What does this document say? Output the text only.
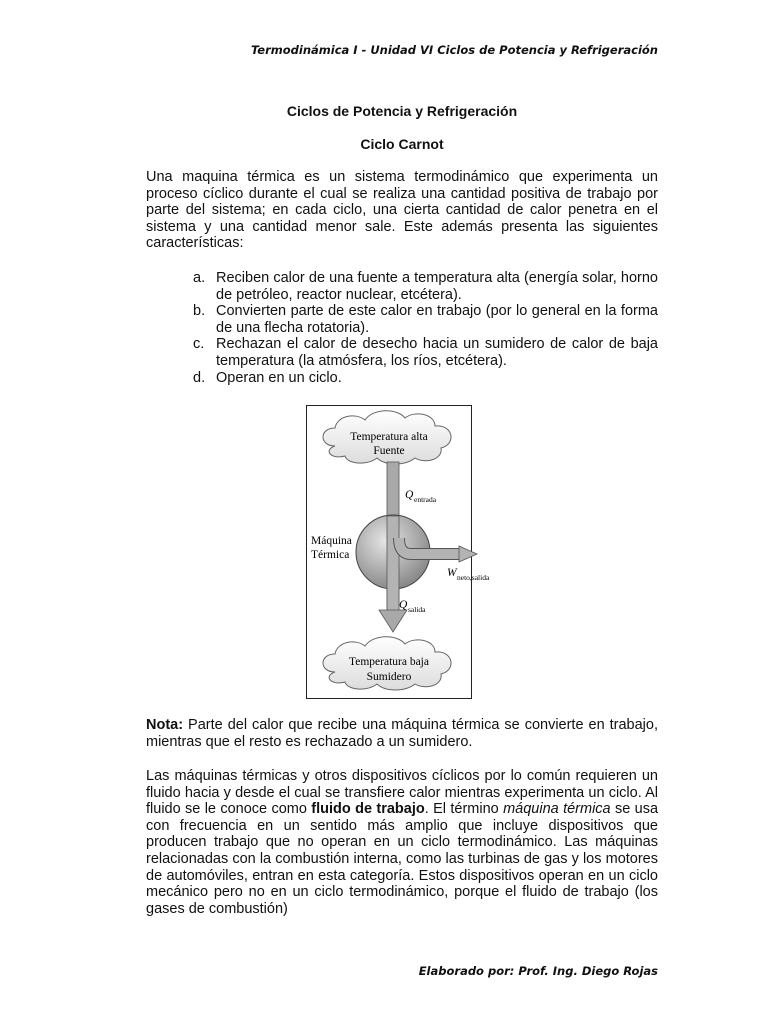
Termodinámica I - Unidad VI Ciclos de Potencia y Refrigeración
Ciclos de Potencia y Refrigeración
Ciclo Carnot

Una maquina térmica es un sistema termodinámico que experimenta un proceso cíclico durante el cual se realiza una cantidad positiva de trabajo por parte del sistema; en cada ciclo, una cierta cantidad de calor penetra en el sistema y una cantidad menor sale. Este además presenta las siguientes características:

a. Reciben calor de una fuente a temperatura alta (energía solar, horno de petróleo, reactor nuclear, etcétera).
b. Convierten parte de este calor en trabajo (por lo general en la forma de una flecha rotatoria).
c. Rechazan el calor de desecho hacia un sumidero de calor de baja temperatura (la atmósfera, los ríos, etcétera).
d. Operan en un ciclo.
Temperatura alta
Fuente
Q entrada
Máquina
Térmica
W neto,salida
Q salida
Temperatura baja
Sumidero

Nota: Parte del calor que recibe una máquina térmica se convierte en trabajo, mientras que el resto es rechazado a un sumidero.

Las máquinas térmicas y otros dispositivos cíclicos por lo común requieren un fluido hacia y desde el cual se transfiere calor mientras experimenta un ciclo. Al fluido se le conoce como fluido de trabajo. El término máquina térmica se usa con frecuencia en un sentido más amplio que incluye dispositivos que producen trabajo que no operan en un ciclo termodinámico. Las máquinas relacionadas con la combustión interna, como las turbinas de gas y los motores de automóviles, entran en esta categoría. Estos dispositivos operan en un ciclo mecánico pero no en un ciclo termodinámico, porque el fluido de trabajo (los gases de combustión)

Elaborado por: Prof. Ing. Diego Rojas
